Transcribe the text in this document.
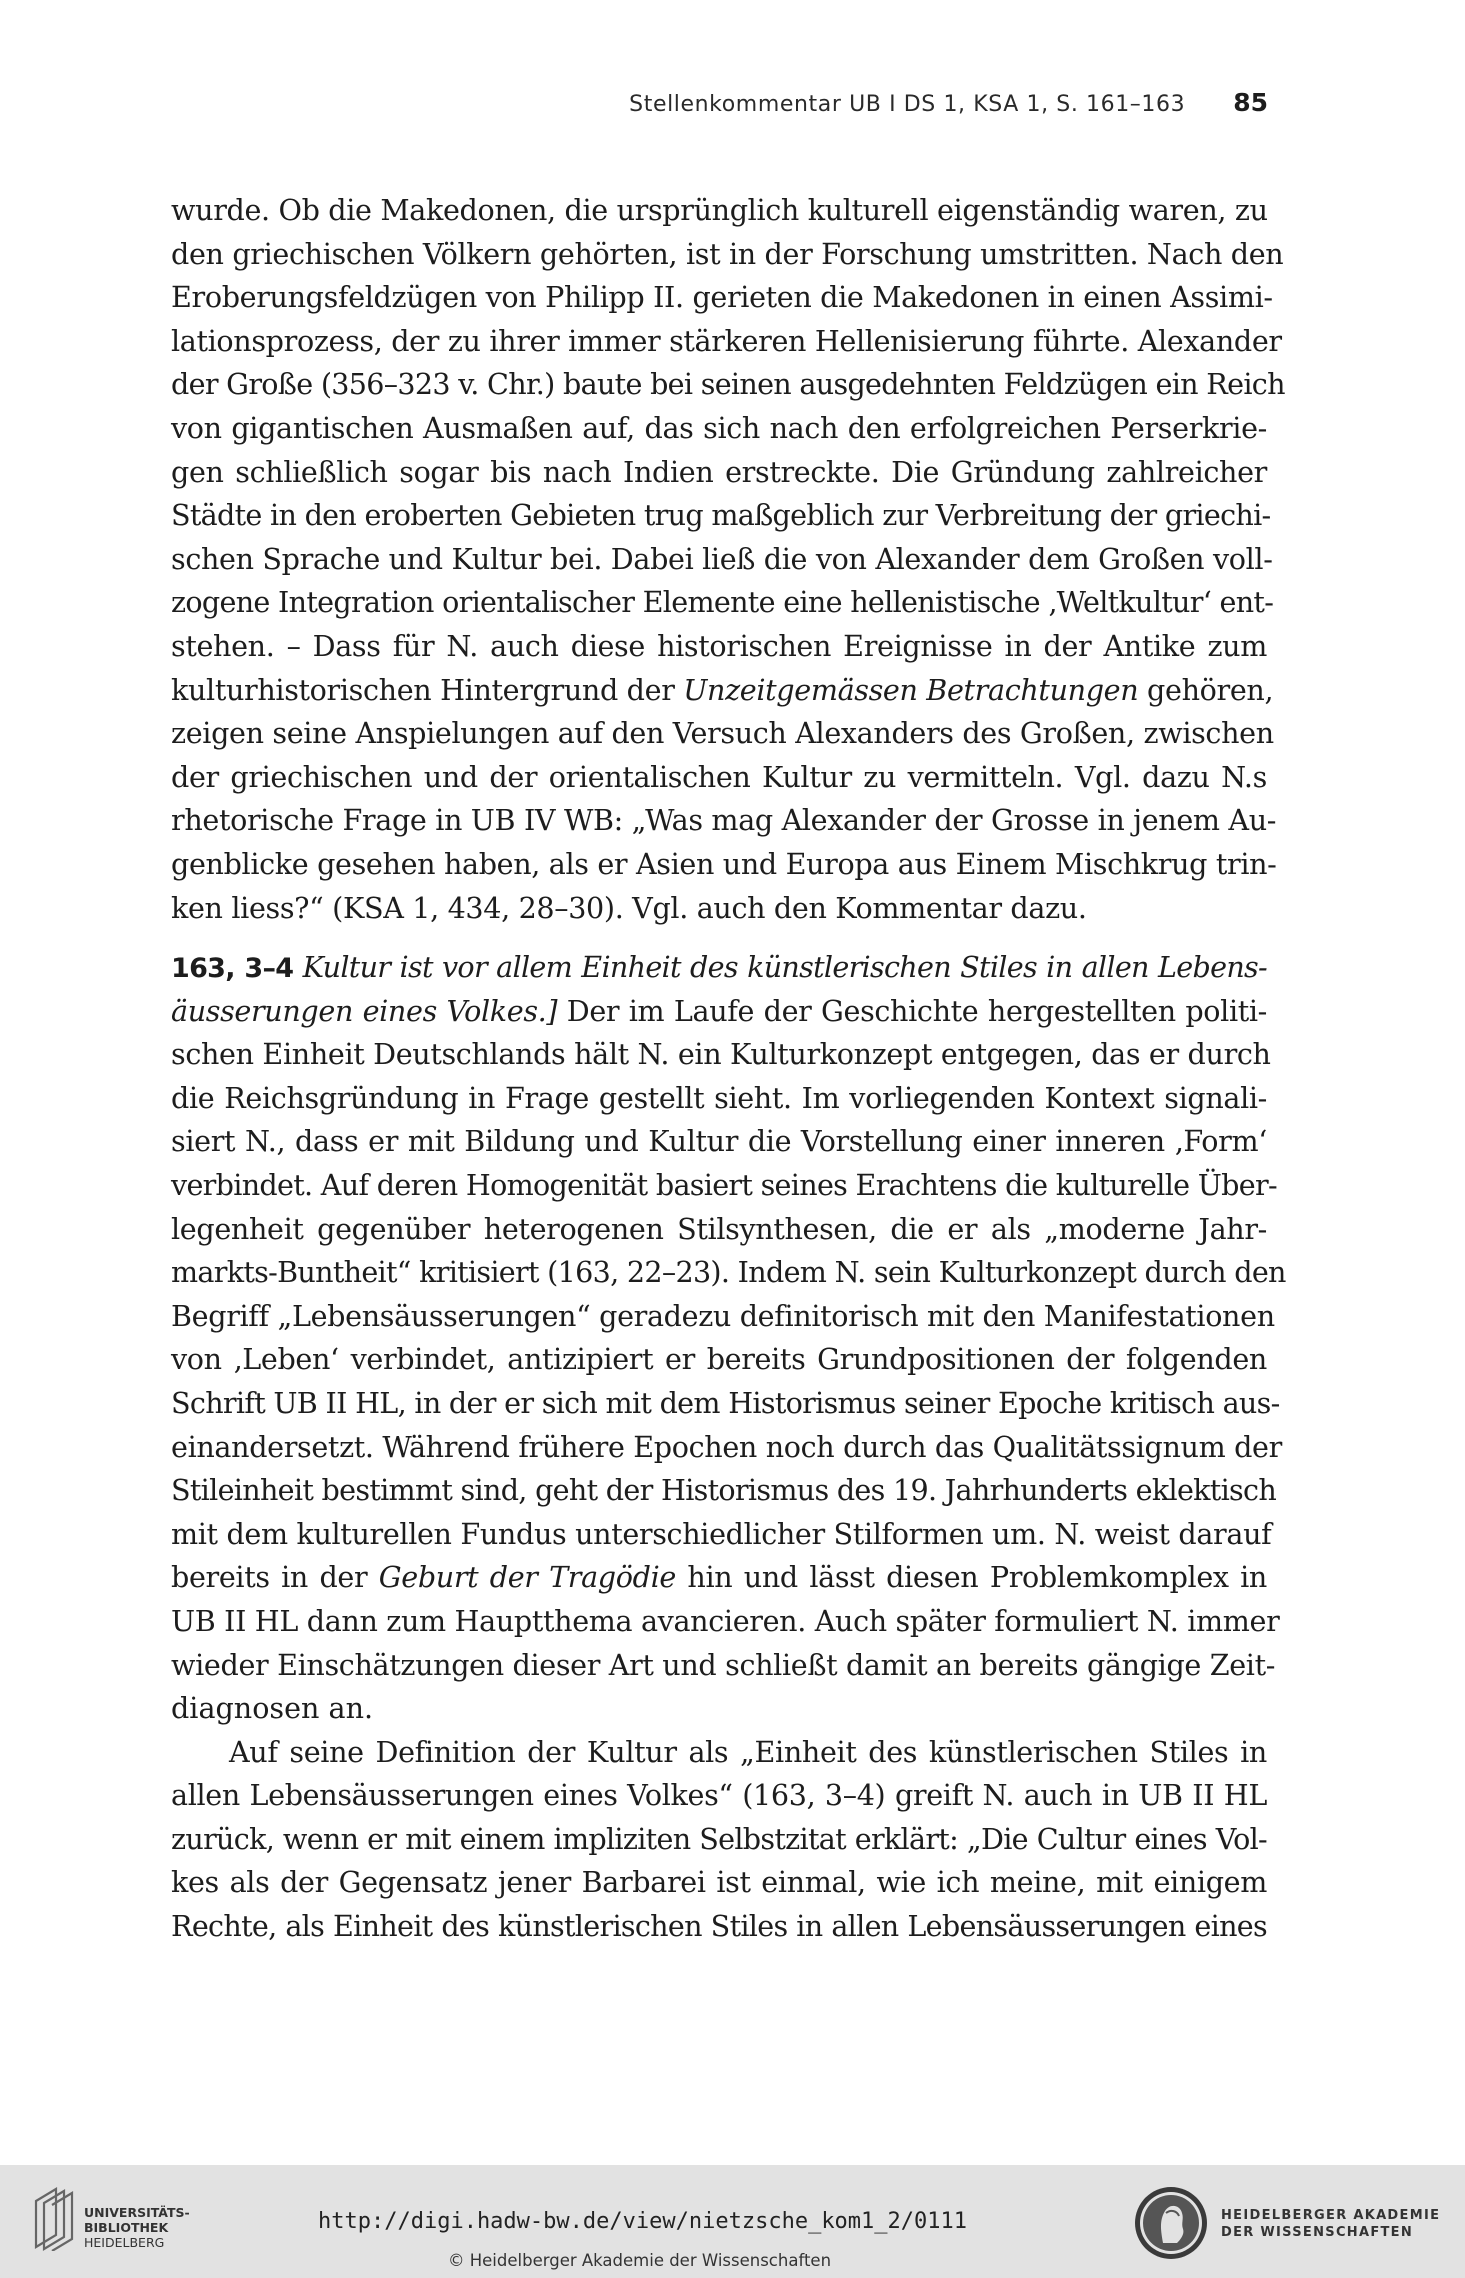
Stellenkommentar UB I DS 1, KSA 1, S. 161–163 85
wurde. Ob die Makedonen, die ursprünglich kulturell eigenständig waren, zu
den griechischen Völkern gehörten, ist in der Forschung umstritten. Nach den
Eroberungsfeldzügen von Philipp II. gerieten die Makedonen in einen Assimi-
lationsprozess, der zu ihrer immer stärkeren Hellenisierung führte. Alexander
der Große (356–323 v. Chr.) baute bei seinen ausgedehnten Feldzügen ein Reich
von gigantischen Ausmaßen auf, das sich nach den erfolgreichen Perserkrie-
gen schließlich sogar bis nach Indien erstreckte. Die Gründung zahlreicher
Städte in den eroberten Gebieten trug maßgeblich zur Verbreitung der griechi-
schen Sprache und Kultur bei. Dabei ließ die von Alexander dem Großen voll-
zogene Integration orientalischer Elemente eine hellenistische ‚Weltkultur‘ ent-
stehen. – Dass für N. auch diese historischen Ereignisse in der Antike zum
kulturhistorischen Hintergrund der Unzeitgemässen Betrachtungen gehören,
zeigen seine Anspielungen auf den Versuch Alexanders des Großen, zwischen
der griechischen und der orientalischen Kultur zu vermitteln. Vgl. dazu N.s
rhetorische Frage in UB IV WB: „Was mag Alexander der Grosse in jenem Au-
genblicke gesehen haben, als er Asien und Europa aus Einem Mischkrug trin-
ken liess?“ (KSA 1, 434, 28–30). Vgl. auch den Kommentar dazu.
163, 3–4 Kultur ist vor allem Einheit des künstlerischen Stiles in allen Lebens-
äusserungen eines Volkes.] Der im Laufe der Geschichte hergestellten politi-
schen Einheit Deutschlands hält N. ein Kulturkonzept entgegen, das er durch
die Reichsgründung in Frage gestellt sieht. Im vorliegenden Kontext signali-
siert N., dass er mit Bildung und Kultur die Vorstellung einer inneren ‚Form‘
verbindet. Auf deren Homogenität basiert seines Erachtens die kulturelle Über-
legenheit gegenüber heterogenen Stilsynthesen, die er als „moderne Jahr-
markts-Buntheit“ kritisiert (163, 22–23). Indem N. sein Kulturkonzept durch den
Begriff „Lebensäusserungen“ geradezu definitorisch mit den Manifestationen
von ‚Leben‘ verbindet, antizipiert er bereits Grundpositionen der folgenden
Schrift UB II HL, in der er sich mit dem Historismus seiner Epoche kritisch aus-
einandersetzt. Während frühere Epochen noch durch das Qualitätssignum der
Stileinheit bestimmt sind, geht der Historismus des 19. Jahrhunderts eklektisch
mit dem kulturellen Fundus unterschiedlicher Stilformen um. N. weist darauf
bereits in der Geburt der Tragödie hin und lässt diesen Problemkomplex in
UB II HL dann zum Hauptthema avancieren. Auch später formuliert N. immer
wieder Einschätzungen dieser Art und schließt damit an bereits gängige Zeit-
diagnosen an.
Auf seine Definition der Kultur als „Einheit des künstlerischen Stiles in
allen Lebensäusserungen eines Volkes“ (163, 3–4) greift N. auch in UB II HL
zurück, wenn er mit einem impliziten Selbstzitat erklärt: „Die Cultur eines Vol-
kes als der Gegensatz jener Barbarei ist einmal, wie ich meine, mit einigem
Rechte, als Einheit des künstlerischen Stiles in allen Lebensäusserungen eines
UNIVERSITÄTS-
BIBLIOTHEK
HEIDELBERG
http://digi.hadw-bw.de/view/nietzsche_kom1_2/0111
© Heidelberger Akademie der Wissenschaften
HEIDELBERGER AKADEMIE
DER WISSENSCHAFTEN
